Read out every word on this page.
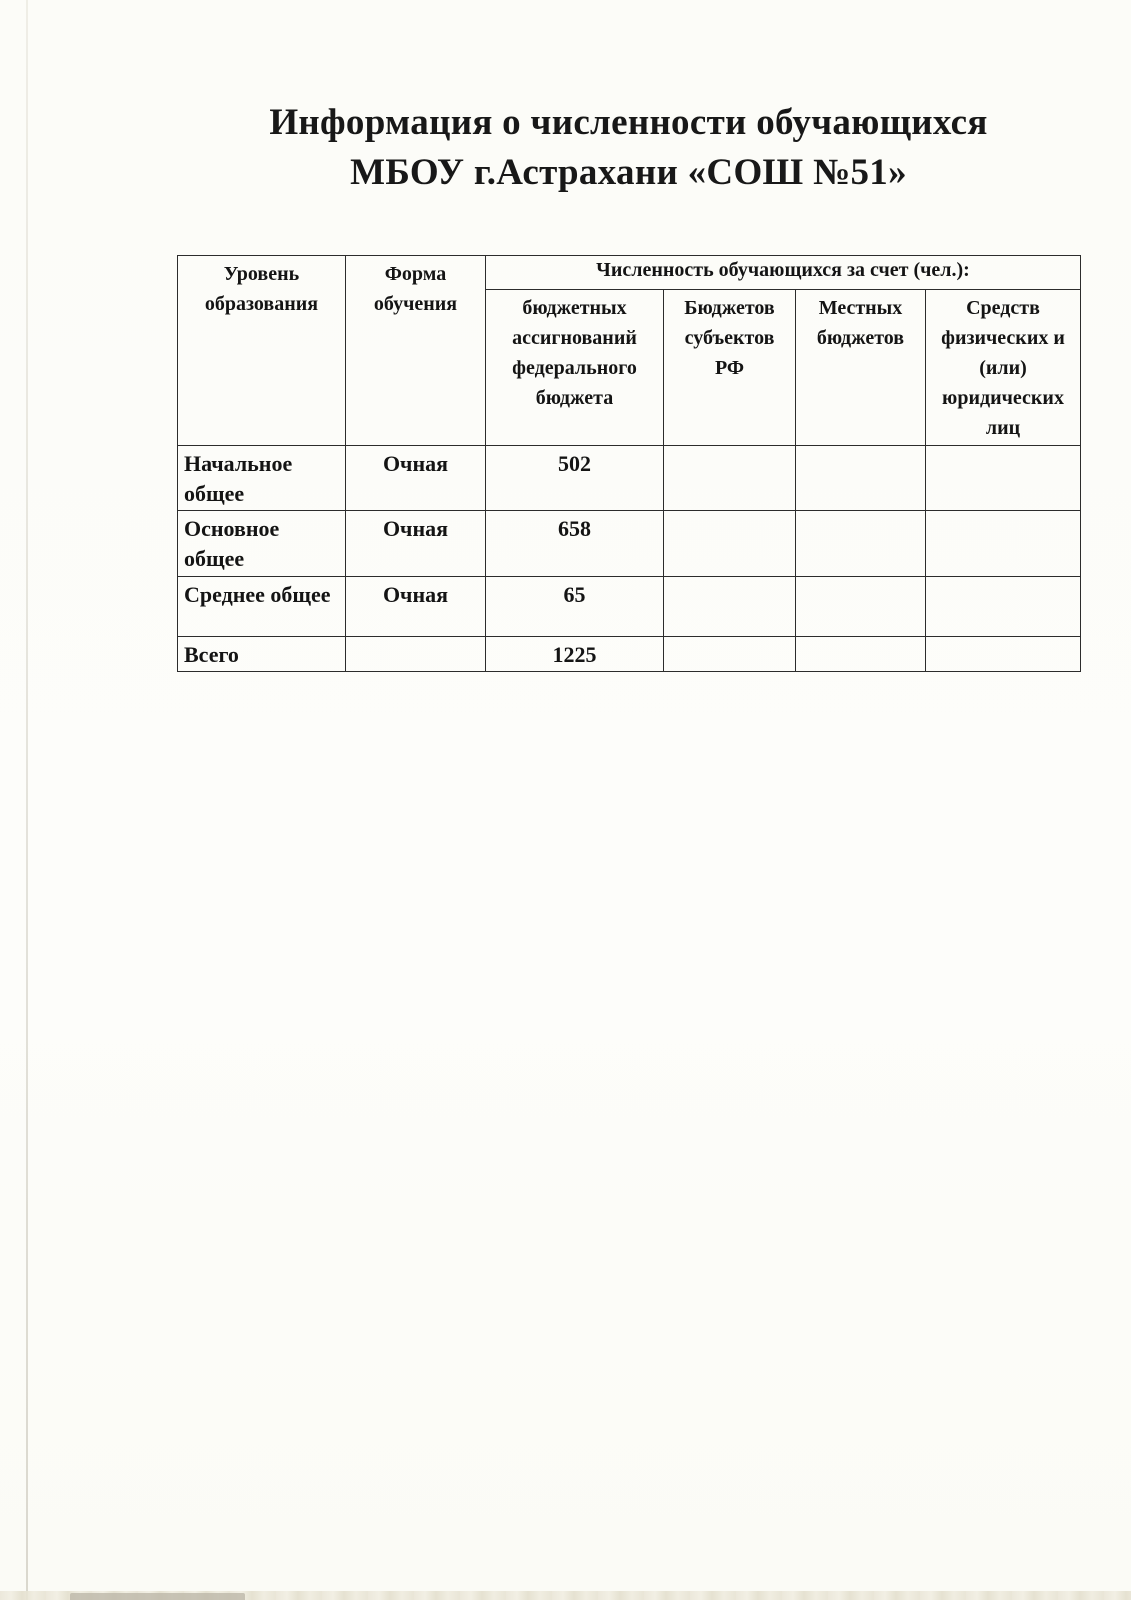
Информация о численности обучающихся
МБОУ г.Астрахани «СОШ №51»
Уровень образования	Форма обучения	Численность обучающихся за счет (чел.):			
		бюджетных ассигнований федерального бюджета	Бюджетов субъектов РФ	Местных бюджетов	Средств физических и (или) юридических лиц
Начальное общее	Очная	502			
Основное общее	Очная	658			
Среднее общее	Очная	65			
Всего		1225			
